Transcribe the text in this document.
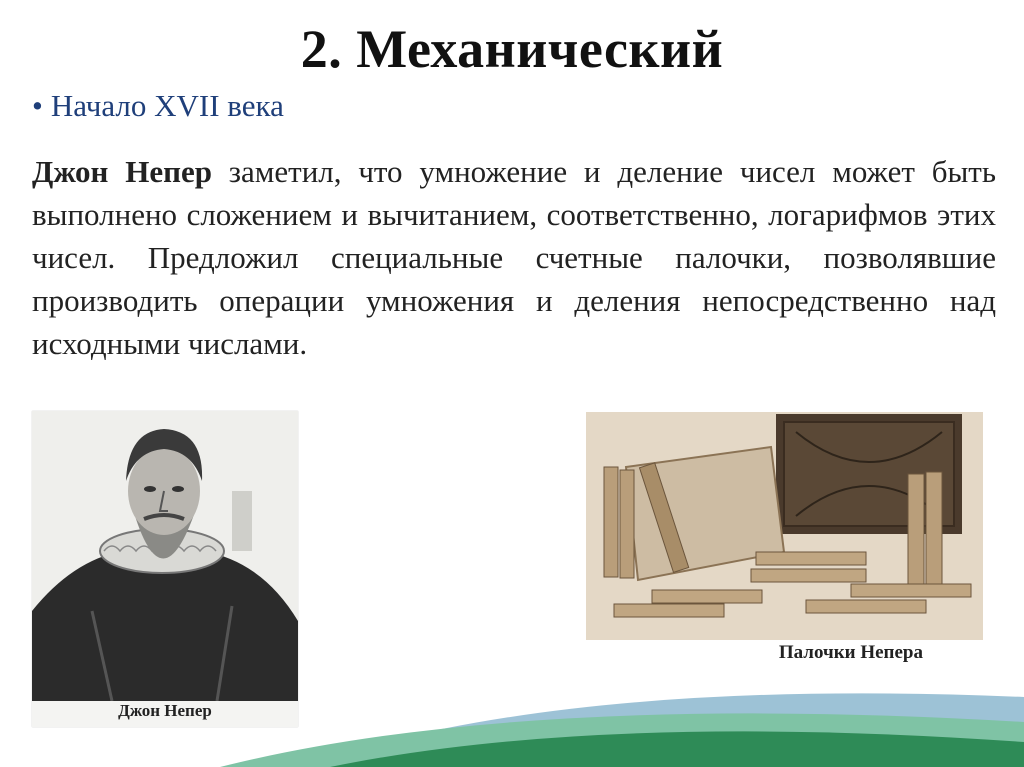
2. Механический
• Начало XVII века
Джон Непер заметил, что умножение и деление чисел может быть выполнено сложением и вычитанием, соответственно, логарифмов этих чисел. Предложил специальные счетные палочки, позволявшие производить операции умножения и деления непосредственно над исходными числами.
Джон Непер
Палочки Непера
